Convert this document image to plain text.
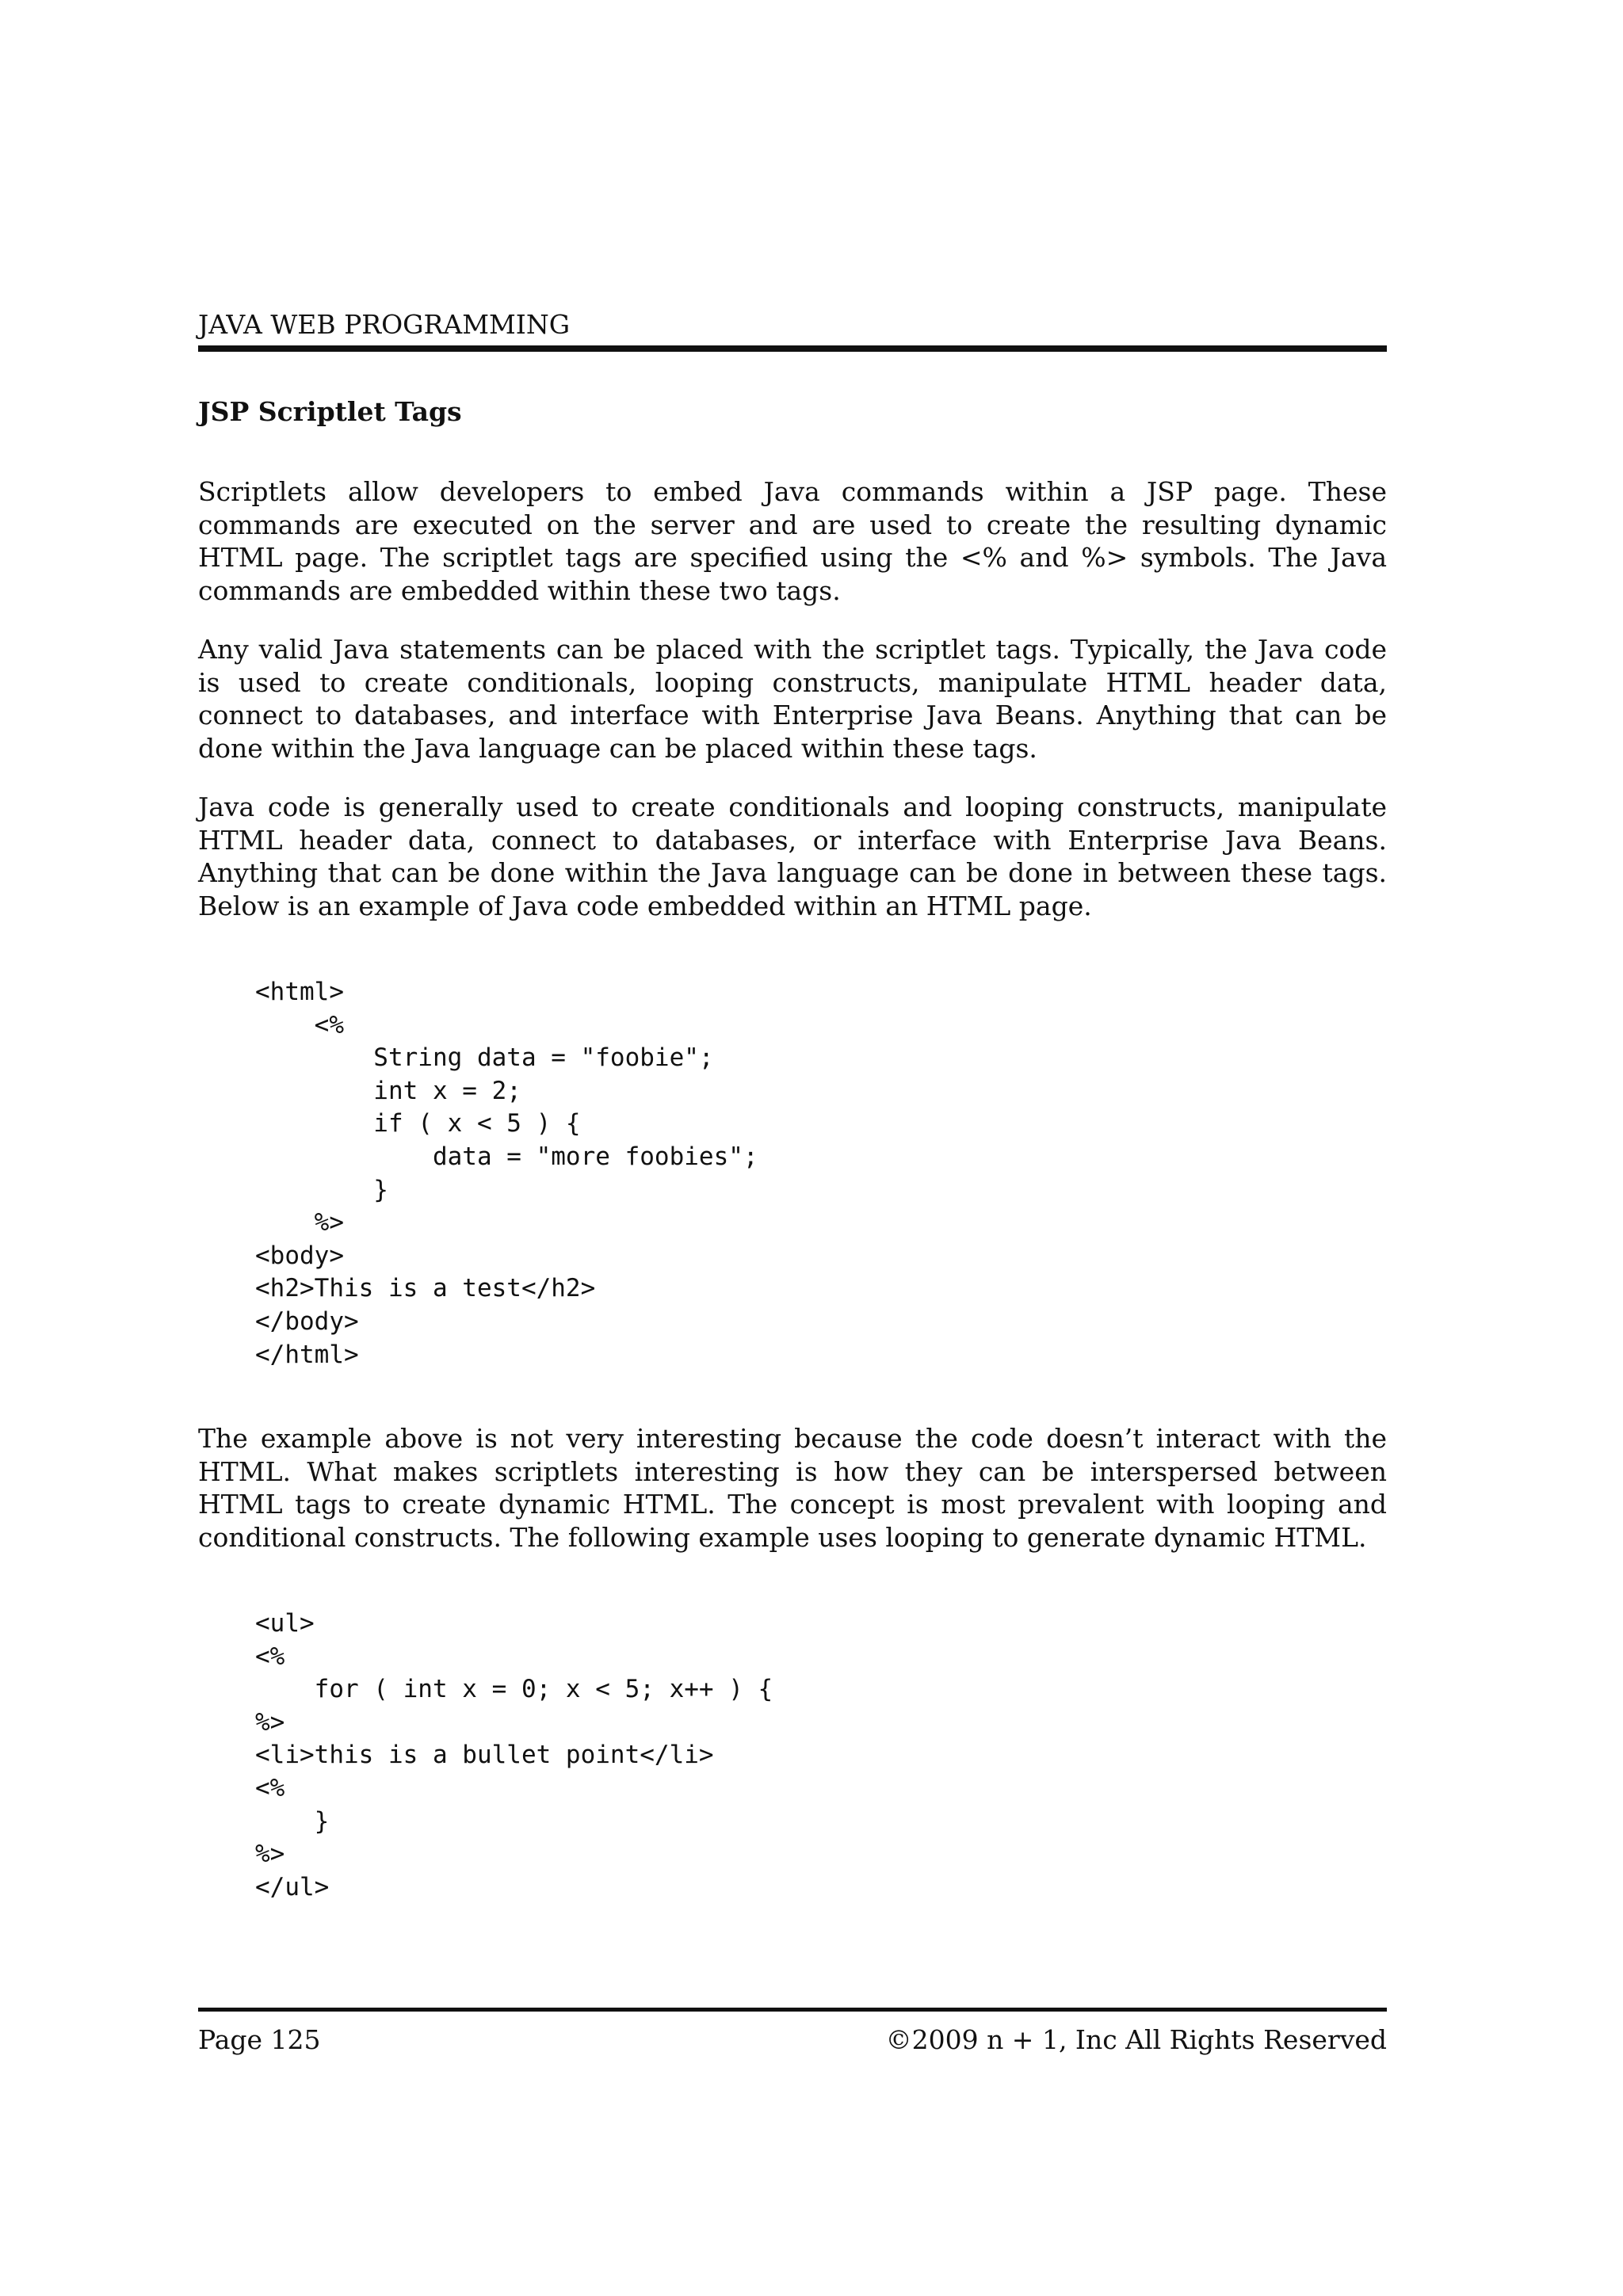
JAVA WEB PROGRAMMING
JSP Scriptlet Tags

Scriptlets allow developers to embed Java commands within a JSP page. These commands are executed on the server and are used to create the resulting dynamic HTML page. The scriptlet tags are specified using the <% and %> symbols. The Java commands are embedded within these two tags.

Any valid Java statements can be placed with the scriptlet tags. Typically, the Java code is used to create conditionals, looping constructs, manipulate HTML header data, connect to databases, and interface with Enterprise Java Beans. Anything that can be done within the Java language can be placed within these tags.

Java code is generally used to create conditionals and looping constructs, manipulate HTML header data, connect to databases, or interface with Enterprise Java Beans. Anything that can be done within the Java language can be done in between these tags. Below is an example of Java code embedded within an HTML page.

<html>
<%
String data = "foobie";
int x = 2;
if ( x < 5 ) {
data = "more foobies";
}
%>
<body>
<h2>This is a test</h2>
</body>
</html>

The example above is not very interesting because the code doesn’t interact with the HTML. What makes scriptlets interesting is how they can be interspersed between HTML tags to create dynamic HTML. The concept is most prevalent with looping and conditional constructs. The following example uses looping to generate dynamic HTML.

<ul>
<%
for ( int x = 0; x < 5; x++ ) {
%>
<li>this is a bullet point</li>
<%
}
%>
</ul>
Page 125	©2009 n + 1, Inc All Rights Reserved
